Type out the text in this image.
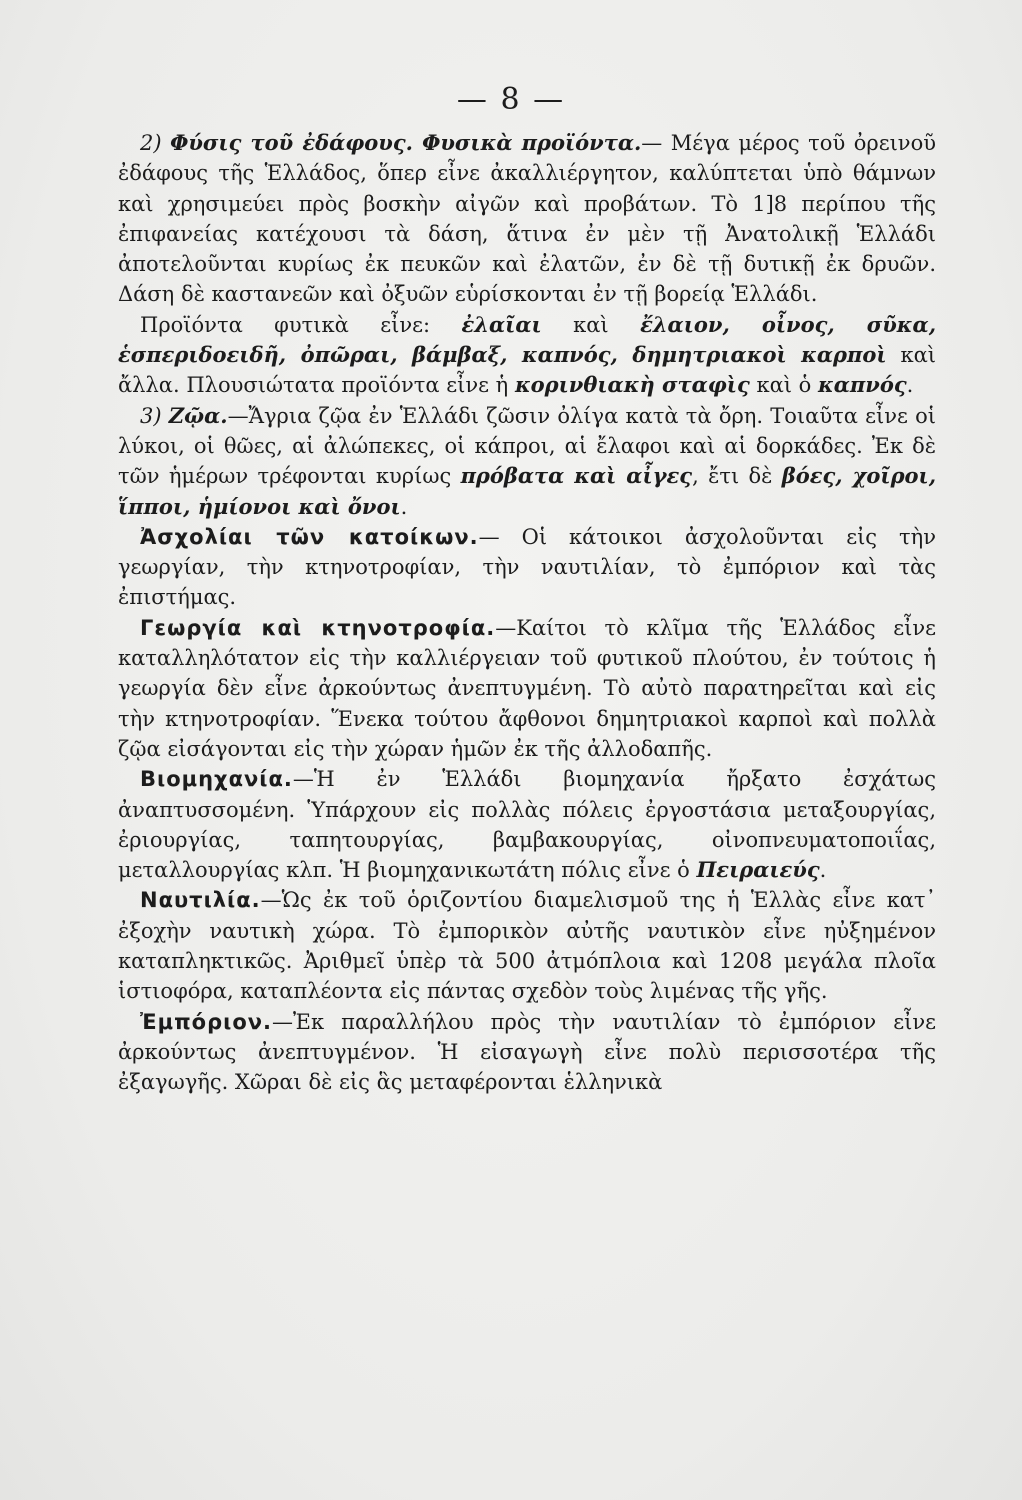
— 8 —

2) Φύσις τοῦ ἐδάφους. Φυσικὰ προϊόντα.— Μέγα μέρος τοῦ ὀρεινοῦ ἐδάφους τῆς Ἑλλάδος, ὅπερ εἶνε ἀκαλλιέργητον, καλύπτεται ὑπὸ θάμνων καὶ χρησιμεύει πρὸς βοσκὴν αἰγῶν καὶ προβάτων. Τὸ 1]8 περίπου τῆς ἐπιφανείας κατέχουσι τὰ δάση, ἅτινα ἐν μὲν τῇ Ἀνατολικῇ Ἑλλάδι ἀποτελοῦνται κυρίως ἐκ πευκῶν καὶ ἐλατῶν, ἐν δὲ τῇ δυτικῇ ἐκ δρυῶν. Δάση δὲ καστανεῶν καὶ ὀξυῶν εὑρίσκονται ἐν τῇ βορείᾳ Ἑλλάδι.

Προϊόντα φυτικὰ εἶνε: ἐλαῖαι καὶ ἔλαιον, οἶνος, σῦκα, ἑσπεριδοειδῆ, ὀπῶραι, βάμβαξ, καπνός, δημητριακοὶ καρποὶ καὶ ἄλλα. Πλουσιώτατα προϊόντα εἶνε ἡ κορινθιακὴ σταφὶς καὶ ὁ καπνός.

3) Ζῷα.—Ἄγρια ζῷα ἐν Ἑλλάδι ζῶσιν ὀλίγα κατὰ τὰ ὄρη. Τοιαῦτα εἶνε οἱ λύκοι, οἱ θῶες, αἱ ἀλώπεκες, οἱ κάπροι, αἱ ἔλαφοι καὶ αἱ δορκάδες. Ἐκ δὲ τῶν ἡμέρων τρέφονται κυρίως πρόβατα καὶ αἶγες, ἔτι δὲ βόες, χοῖροι, ἵπποι, ἡμίονοι καὶ ὄνοι.

Ἀσχολίαι τῶν κατοίκων.— Οἱ κάτοικοι ἀσχολοῦνται εἰς τὴν γεωργίαν, τὴν κτηνοτροφίαν, τὴν ναυτιλίαν, τὸ ἐμπόριον καὶ τὰς ἐπιστήμας.

Γεωργία καὶ κτηνοτροφία.—Καίτοι τὸ κλῖμα τῆς Ἑλλάδος εἶνε καταλληλότατον εἰς τὴν καλλιέργειαν τοῦ φυτικοῦ πλούτου, ἐν τούτοις ἡ γεωργία δὲν εἶνε ἀρκούντως ἀνεπτυγμένη. Τὸ αὐτὸ παρατηρεῖται καὶ εἰς τὴν κτηνοτροφίαν. Ἕνεκα τούτου ἄφθονοι δημητριακοὶ καρποὶ καὶ πολλὰ ζῷα εἰσάγονται εἰς τὴν χώραν ἡμῶν ἐκ τῆς ἀλλοδαπῆς.

Βιομηχανία.—Ἡ ἐν Ἑλλάδι βιομηχανία ἤρξατο ἐσχάτως ἀναπτυσσομένη. Ὑπάρχουν εἰς πολλὰς πόλεις ἐργοστάσια μεταξουργίας, ἐριουργίας, ταπητουργίας, βαμβακουργίας, οἰνοπνευματοποιΐας, μεταλλουργίας κλπ. Ἡ βιομηχανικωτάτη πόλις εἶνε ὁ Πειραιεύς.

Ναυτιλία.—Ὡς ἐκ τοῦ ὁριζοντίου διαμελισμοῦ της ἡ Ἑλλὰς εἶνε κατ᾿ ἐξοχὴν ναυτικὴ χώρα. Τὸ ἐμπορικὸν αὐτῆς ναυτικὸν εἶνε ηὐξημένον καταπληκτικῶς. Ἀριθμεῖ ὑπὲρ τὰ 500 ἀτμόπλοια καὶ 1208 μεγάλα πλοῖα ἱστιοφόρα, καταπλέοντα εἰς πάντας σχεδὸν τοὺς λιμένας τῆς γῆς.

Ἐμπόριον.—Ἐκ παραλλήλου πρὸς τὴν ναυτιλίαν τὸ ἐμπόριον εἶνε ἀρκούντως ἀνεπτυγμένον. Ἡ εἰσαγωγὴ εἶνε πολὺ περισσοτέρα τῆς ἐξαγωγῆς. Χῶραι δὲ εἰς ἃς μεταφέρονται ἑλληνικὰ
